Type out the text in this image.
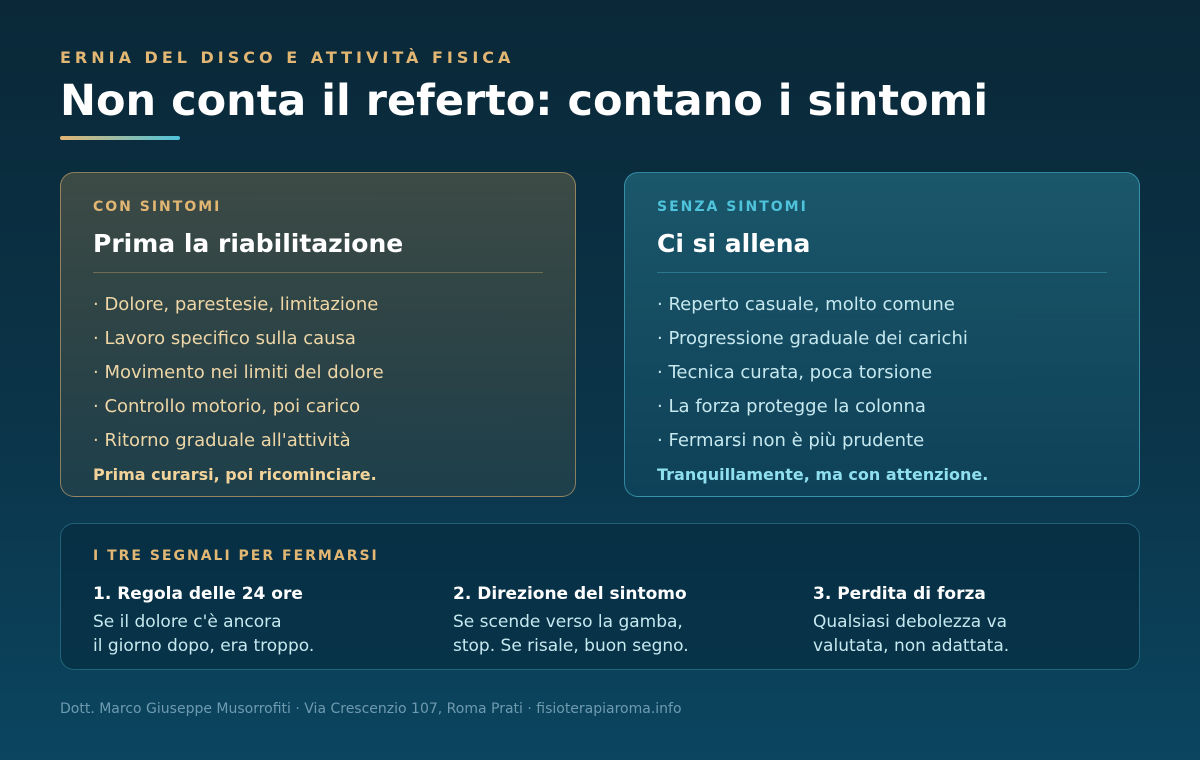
ERNIA DEL DISCO E ATTIVITÀ FISICA
Non conta il referto: contano i sintomi
CON SINTOMI
Prima la riabilitazione
· Dolore, parestesie, limitazione
· Lavoro specifico sulla causa
· Movimento nei limiti del dolore
· Controllo motorio, poi carico
· Ritorno graduale all'attività
Prima curarsi, poi ricominciare.
SENZA SINTOMI
Ci si allena
· Reperto casuale, molto comune
· Progressione graduale dei carichi
· Tecnica curata, poca torsione
· La forza protegge la colonna
· Fermarsi non è più prudente
Tranquillamente, ma con attenzione.
I TRE SEGNALI PER FERMARSI
1. Regola delle 24 ore
Se il dolore c'è ancora
il giorno dopo, era troppo.
2. Direzione del sintomo
Se scende verso la gamba,
stop. Se risale, buon segno.
3. Perdita di forza
Qualsiasi debolezza va
valutata, non adattata.
Dott. Marco Giuseppe Musorrofiti · Via Crescenzio 107, Roma Prati · fisioterapiaroma.info
